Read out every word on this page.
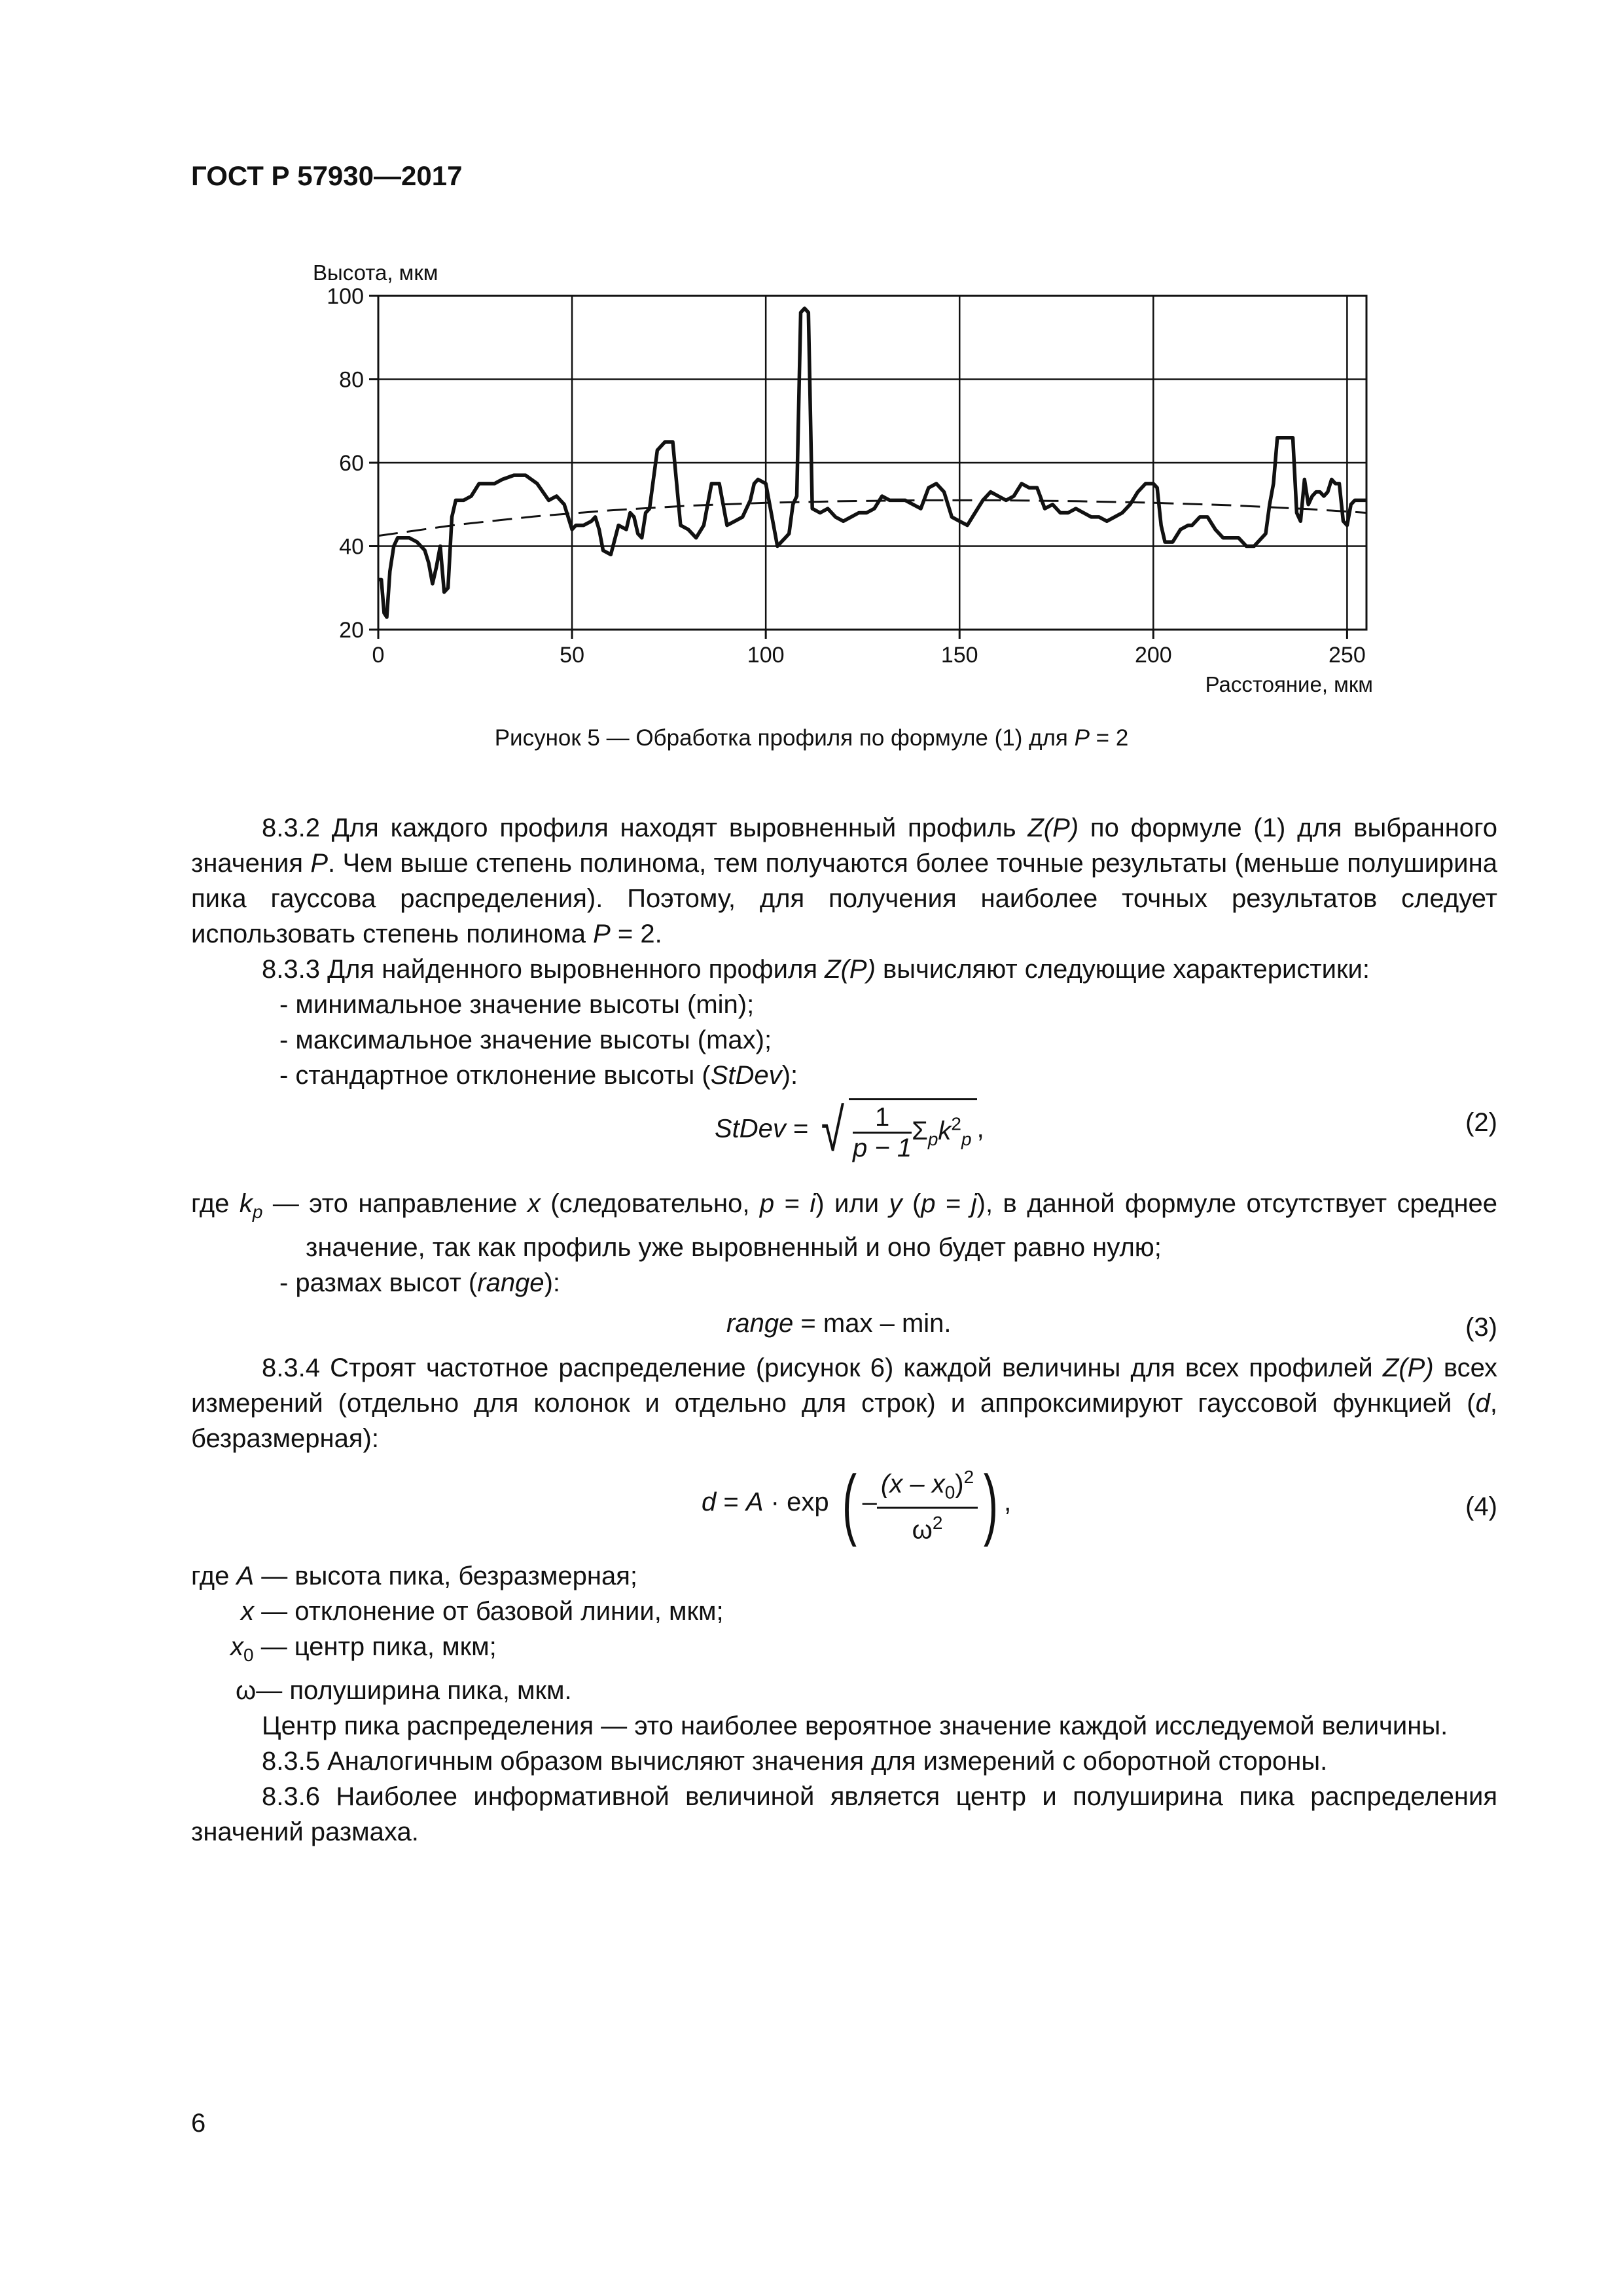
ГОСТ Р 57930—2017
0	50	100	150	200	250
20
40
60
80
100
Высота, мкм
Расстояние, мкм
Рисунок 5 — Обработка профиля по формуле (1) для P = 2

8.3.2 Для каждого профиля находят выровненный профиль Z(P) по формуле (1) для выбранного значения P. Чем выше степень полинома, тем получаются более точные результаты (меньше полуширина пика гауссова распределения). Поэтому, для получения наиболее точных результатов следует использовать степень полинома P = 2.

8.3.3 Для найденного выровненного профиля Z(P) вычисляют следующие характеристики:

- минимальное значение высоты (min);

- максимальное значение высоты (max);

- стандартное отклонение высоты (StDev):

StDev = √ $\frac{1}{p - 1} \Sigma_pk^2_p$ ,	(2)

где $k_p$ — это направление x (следовательно, p = i) или y (p = j), в данной формуле отсутствует среднее значение, так как профиль уже выровненный и оно будет равно нулю;

- размах высот (range):

range = max – min.	(3)

8.3.4 Строят частотное распределение (рисунок 6) каждой величины для всех профилей Z(P) всех измерений (отдельно для колонок и отдельно для строк) и аппроксимируют гауссовой функцией (d, безразмерная):

d = A · exp ( – $\frac{(x - x_0)^2}{\omega^2}$ ) ,	(4)

где A — высота пика, безразмерная;

x — отклонение от базовой линии, мкм;

$x_0$ — центр пика, мкм;

ω— полуширина пика, мкм.

Центр пика распределения — это наиболее вероятное значение каждой исследуемой величины.

8.3.5 Аналогичным образом вычисляют значения для измерений с оборотной стороны.

8.3.6 Наиболее информативной величиной является центр и полуширина пика распределения значений размаха.

6
